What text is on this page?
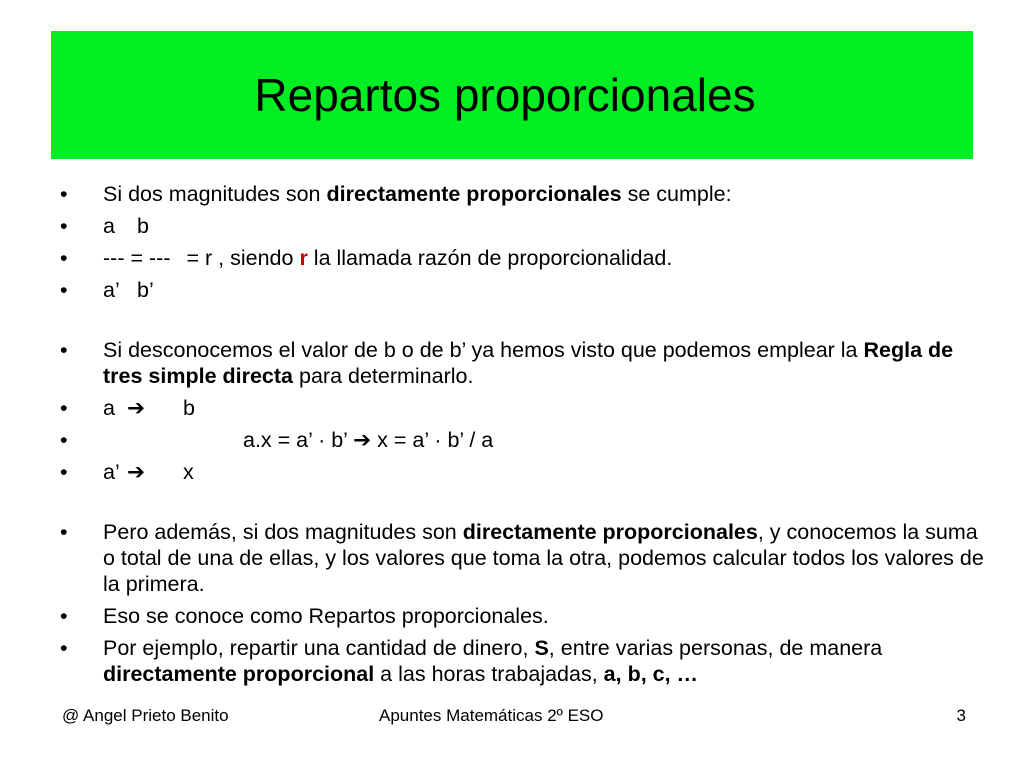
Repartos proporcionales
• Si dos magnitudes son directamente proporcionales se cumple:
• a b
• --- = --- = r , siendo r la llamada razón de proporcionalidad.
• a’ b’
• Si desconocemos el valor de b o de b’ ya hemos visto que podemos emplear la Regla de tres simple directa para determinarlo.
• a ➔ b
•	a.x = a’ · b’ ➔ x = a’ · b’ / a
• a’ ➔ x
• Pero además, si dos magnitudes son directamente proporcionales, y conocemos la suma o total de una de ellas, y los valores que toma la otra, podemos calcular todos los valores de la primera.
• Eso se conoce como Repartos proporcionales.
• Por ejemplo, repartir una cantidad de dinero, S, entre varias personas, de manera directamente proporcional a las horas trabajadas, a, b, c, …
@ Angel Prieto Benito	Apuntes Matemáticas 2º ESO	3
